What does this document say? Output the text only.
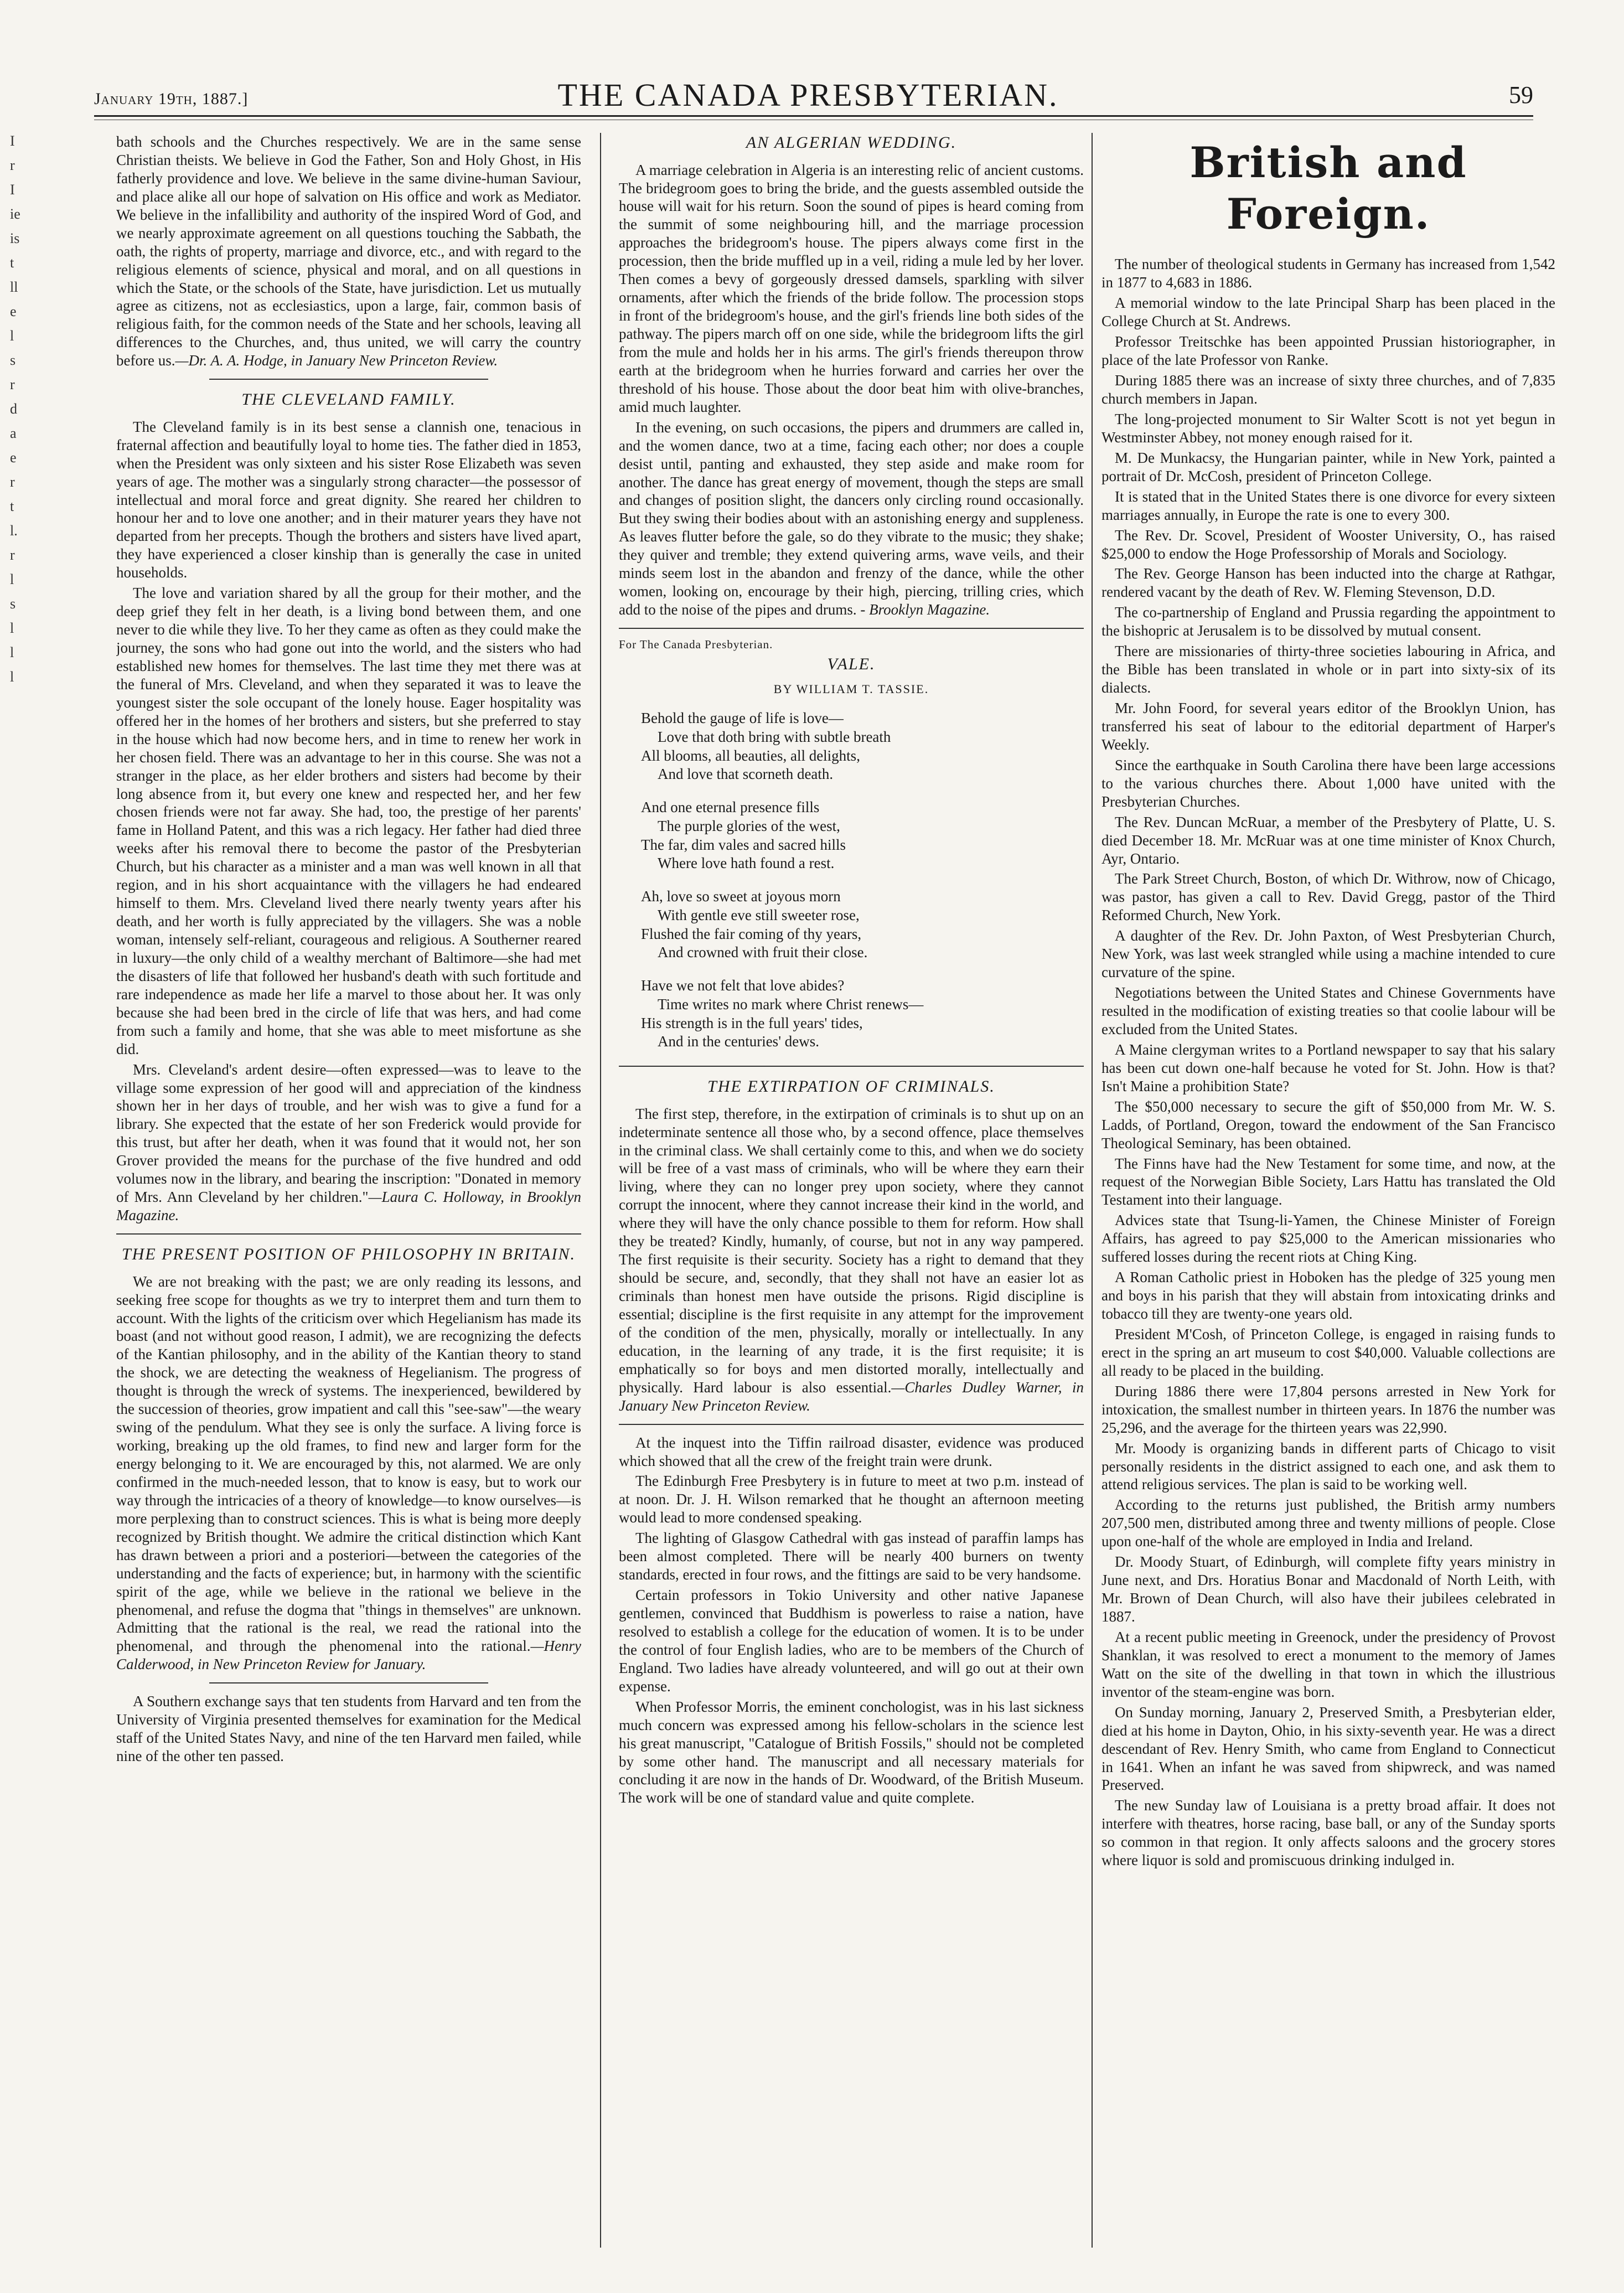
I
r
I
ie
is
t
ll
e
l
s
r
d
a
e
r
t
l.
r
l
s
l
l
l
January 19th, 1887.]	THE CANADA PRESBYTERIAN.	59

bath schools and the Churches respectively. We are in the same sense Christian theists. We believe in God the Father, Son and Holy Ghost, in His fatherly providence and love. We believe in the same divine-human Saviour, and place alike all our hope of salvation on His office and work as Mediator. We believe in the infallibility and authority of the inspired Word of God, and we nearly approximate agreement on all questions touching the Sabbath, the oath, the rights of property, marriage and divorce, etc., and with regard to the religious elements of science, physical and moral, and on all questions in which the State, or the schools of the State, have jurisdiction. Let us mutually agree as citizens, not as ecclesiastics, upon a large, fair, common basis of religious faith, for the common needs of the State and her schools, leaving all differences to the Churches, and, thus united, we will carry the country before us.—Dr. A. A. Hodge, in January New Princeton Review.

THE CLEVELAND FAMILY.

The Cleveland family is in its best sense a clannish one, tenacious in fraternal affection and beautifully loyal to home ties. The father died in 1853, when the President was only sixteen and his sister Rose Elizabeth was seven years of age. The mother was a singularly strong character—the possessor of intellectual and moral force and great dignity. She reared her children to honour her and to love one another; and in their maturer years they have not departed from her precepts. Though the brothers and sisters have lived apart, they have experienced a closer kinship than is generally the case in united households.

The love and variation shared by all the group for their mother, and the deep grief they felt in her death, is a living bond between them, and one never to die while they live. To her they came as often as they could make the journey, the sons who had gone out into the world, and the sisters who had established new homes for themselves. The last time they met there was at the funeral of Mrs. Cleveland, and when they separated it was to leave the youngest sister the sole occupant of the lonely house. Eager hospitality was offered her in the homes of her brothers and sisters, but she preferred to stay in the house which had now become hers, and in time to renew her work in her chosen field. There was an advantage to her in this course. She was not a stranger in the place, as her elder brothers and sisters had become by their long absence from it, but every one knew and respected her, and her few chosen friends were not far away. She had, too, the prestige of her parents' fame in Holland Patent, and this was a rich legacy. Her father had died three weeks after his removal there to become the pastor of the Presbyterian Church, but his character as a minister and a man was well known in all that region, and in his short acquaintance with the villagers he had endeared himself to them. Mrs. Cleveland lived there nearly twenty years after his death, and her worth is fully appreciated by the villagers. She was a noble woman, intensely self-reliant, courageous and religious. A Southerner reared in luxury—the only child of a wealthy merchant of Baltimore—she had met the disasters of life that followed her husband's death with such fortitude and rare independence as made her life a marvel to those about her. It was only because she had been bred in the circle of life that was hers, and had come from such a family and home, that she was able to meet misfortune as she did.

Mrs. Cleveland's ardent desire—often expressed—was to leave to the village some expression of her good will and appreciation of the kindness shown her in her days of trouble, and her wish was to give a fund for a library. She expected that the estate of her son Frederick would provide for this trust, but after her death, when it was found that it would not, her son Grover provided the means for the purchase of the five hundred and odd volumes now in the library, and bearing the inscription: "Donated in memory of Mrs. Ann Cleveland by her children."—Laura C. Holloway, in Brooklyn Magazine.

THE PRESENT POSITION OF PHILOSOPHY IN BRITAIN.

We are not breaking with the past; we are only reading its lessons, and seeking free scope for thoughts as we try to interpret them and turn them to account. With the lights of the criticism over which Hegelianism has made its boast (and not without good reason, I admit), we are recognizing the defects of the Kantian philosophy, and in the ability of the Kantian theory to stand the shock, we are detecting the weakness of Hegelianism. The progress of thought is through the wreck of systems. The inexperienced, bewildered by the succession of theories, grow impatient and call this "see-saw"—the weary swing of the pendulum. What they see is only the surface. A living force is working, breaking up the old frames, to find new and larger form for the energy belonging to it. We are encouraged by this, not alarmed. We are only confirmed in the much-needed lesson, that to know is easy, but to work our way through the intricacies of a theory of knowledge—to know ourselves—is more perplexing than to construct sciences. This is what is being more deeply recognized by British thought. We admire the critical distinction which Kant has drawn between a priori and a posteriori—between the categories of the understanding and the facts of experience; but, in harmony with the scientific spirit of the age, while we believe in the rational we believe in the phenomenal, and refuse the dogma that "things in themselves" are unknown. Admitting that the rational is the real, we read the rational into the phenomenal, and through the phenomenal into the rational.—Henry Calderwood, in New Princeton Review for January.

A Southern exchange says that ten students from Harvard and ten from the University of Virginia presented themselves for examination for the Medical staff of the United States Navy, and nine of the ten Harvard men failed, while nine of the other ten passed.

AN ALGERIAN WEDDING.

A marriage celebration in Algeria is an interesting relic of ancient customs. The bridegroom goes to bring the bride, and the guests assembled outside the house will wait for his return. Soon the sound of pipes is heard coming from the summit of some neighbouring hill, and the marriage procession approaches the bridegroom's house. The pipers always come first in the procession, then the bride muffled up in a veil, riding a mule led by her lover. Then comes a bevy of gorgeously dressed damsels, sparkling with silver ornaments, after which the friends of the bride follow. The procession stops in front of the bridegroom's house, and the girl's friends line both sides of the pathway. The pipers march off on one side, while the bridegroom lifts the girl from the mule and holds her in his arms. The girl's friends thereupon throw earth at the bridegroom when he hurries forward and carries her over the threshold of his house. Those about the door beat him with olive-branches, amid much laughter.

In the evening, on such occasions, the pipers and drummers are called in, and the women dance, two at a time, facing each other; nor does a couple desist until, panting and exhausted, they step aside and make room for another. The dance has great energy of movement, though the steps are small and changes of position slight, the dancers only circling round occasionally. But they swing their bodies about with an astonishing energy and suppleness. As leaves flutter before the gale, so do they vibrate to the music; they shake; they quiver and tremble; they extend quivering arms, wave veils, and their minds seem lost in the abandon and frenzy of the dance, while the other women, looking on, encourage by their high, piercing, trilling cries, which add to the noise of the pipes and drums. - Brooklyn Magazine.

For The Canada Presbyterian.
VALE.
BY WILLIAM T. TASSIE.
Behold the gauge of life is love—
Love that doth bring with subtle breath
All blooms, all beauties, all delights,
And love that scorneth death.
And one eternal presence fills
The purple glories of the west,
The far, dim vales and sacred hills
Where love hath found a rest.
Ah, love so sweet at joyous morn
With gentle eve still sweeter rose,
Flushed the fair coming of thy years,
And crowned with fruit their close.
Have we not felt that love abides?
Time writes no mark where Christ renews—
His strength is in the full years' tides,
And in the centuries' dews.
THE EXTIRPATION OF CRIMINALS.

The first step, therefore, in the extirpation of criminals is to shut up on an indeterminate sentence all those who, by a second offence, place themselves in the criminal class. We shall certainly come to this, and when we do society will be free of a vast mass of criminals, who will be where they earn their living, where they can no longer prey upon society, where they cannot corrupt the innocent, where they cannot increase their kind in the world, and where they will have the only chance possible to them for reform. How shall they be treated? Kindly, humanly, of course, but not in any way pampered. The first requisite is their security. Society has a right to demand that they should be secure, and, secondly, that they shall not have an easier lot as criminals than honest men have outside the prisons. Rigid discipline is essential; discipline is the first requisite in any attempt for the improvement of the condition of the men, physically, morally or intellectually. In any education, in the learning of any trade, it is the first requisite; it is emphatically so for boys and men distorted morally, intellectually and physically. Hard labour is also essential.—Charles Dudley Warner, in January New Princeton Review.

At the inquest into the Tiffin railroad disaster, evidence was produced which showed that all the crew of the freight train were drunk.

The Edinburgh Free Presbytery is in future to meet at two p.m. instead of at noon. Dr. J. H. Wilson remarked that he thought an afternoon meeting would lead to more condensed speaking.

The lighting of Glasgow Cathedral with gas instead of paraffin lamps has been almost completed. There will be nearly 400 burners on twenty standards, erected in four rows, and the fittings are said to be very handsome.

Certain professors in Tokio University and other native Japanese gentlemen, convinced that Buddhism is powerless to raise a nation, have resolved to establish a college for the education of women. It is to be under the control of four English ladies, who are to be members of the Church of England. Two ladies have already volunteered, and will go out at their own expense.

When Professor Morris, the eminent conchologist, was in his last sickness much concern was expressed among his fellow-scholars in the science lest his great manuscript, "Catalogue of British Fossils," should not be completed by some other hand. The manuscript and all necessary materials for concluding it are now in the hands of Dr. Woodward, of the British Museum. The work will be one of standard value and quite complete.

British and Foreign.

The number of theological students in Germany has increased from 1,542 in 1877 to 4,683 in 1886.

A memorial window to the late Principal Sharp has been placed in the College Church at St. Andrews.

Professor Treitschke has been appointed Prussian historiographer, in place of the late Professor von Ranke.

During 1885 there was an increase of sixty three churches, and of 7,835 church members in Japan.

The long-projected monument to Sir Walter Scott is not yet begun in Westminster Abbey, not money enough raised for it.

M. De Munkacsy, the Hungarian painter, while in New York, painted a portrait of Dr. McCosh, president of Princeton College.

It is stated that in the United States there is one divorce for every sixteen marriages annually, in Europe the rate is one to every 300.

The Rev. Dr. Scovel, President of Wooster University, O., has raised $25,000 to endow the Hoge Professorship of Morals and Sociology.

The Rev. George Hanson has been inducted into the charge at Rathgar, rendered vacant by the death of Rev. W. Fleming Stevenson, D.D.

The co-partnership of England and Prussia regarding the appointment to the bishopric at Jerusalem is to be dissolved by mutual consent.

There are missionaries of thirty-three societies labouring in Africa, and the Bible has been translated in whole or in part into sixty-six of its dialects.

Mr. John Foord, for several years editor of the Brooklyn Union, has transferred his seat of labour to the editorial department of Harper's Weekly.

Since the earthquake in South Carolina there have been large accessions to the various churches there. About 1,000 have united with the Presbyterian Churches.

The Rev. Duncan McRuar, a member of the Presbytery of Platte, U. S. died December 18. Mr. McRuar was at one time minister of Knox Church, Ayr, Ontario.

The Park Street Church, Boston, of which Dr. Withrow, now of Chicago, was pastor, has given a call to Rev. David Gregg, pastor of the Third Reformed Church, New York.

A daughter of the Rev. Dr. John Paxton, of West Presbyterian Church, New York, was last week strangled while using a machine intended to cure curvature of the spine.

Negotiations between the United States and Chinese Governments have resulted in the modification of existing treaties so that coolie labour will be excluded from the United States.

A Maine clergyman writes to a Portland newspaper to say that his salary has been cut down one-half because he voted for St. John. How is that? Isn't Maine a prohibition State?

The $50,000 necessary to secure the gift of $50,000 from Mr. W. S. Ladds, of Portland, Oregon, toward the endowment of the San Francisco Theological Seminary, has been obtained.

The Finns have had the New Testament for some time, and now, at the request of the Norwegian Bible Society, Lars Hattu has translated the Old Testament into their language.

Advices state that Tsung-li-Yamen, the Chinese Minister of Foreign Affairs, has agreed to pay $25,000 to the American missionaries who suffered losses during the recent riots at Ching King.

A Roman Catholic priest in Hoboken has the pledge of 325 young men and boys in his parish that they will abstain from intoxicating drinks and tobacco till they are twenty-one years old.

President M'Cosh, of Princeton College, is engaged in raising funds to erect in the spring an art museum to cost $40,000. Valuable collections are all ready to be placed in the building.

During 1886 there were 17,804 persons arrested in New York for intoxication, the smallest number in thirteen years. In 1876 the number was 25,296, and the average for the thirteen years was 22,990.

Mr. Moody is organizing bands in different parts of Chicago to visit personally residents in the district assigned to each one, and ask them to attend religious services. The plan is said to be working well.

According to the returns just published, the British army numbers 207,500 men, distributed among three and twenty millions of people. Close upon one-half of the whole are employed in India and Ireland.

Dr. Moody Stuart, of Edinburgh, will complete fifty years ministry in June next, and Drs. Horatius Bonar and Macdonald of North Leith, with Mr. Brown of Dean Church, will also have their jubilees celebrated in 1887.

At a recent public meeting in Greenock, under the presidency of Provost Shanklan, it was resolved to erect a monument to the memory of James Watt on the site of the dwelling in that town in which the illustrious inventor of the steam-engine was born.

On Sunday morning, January 2, Preserved Smith, a Presbyterian elder, died at his home in Dayton, Ohio, in his sixty-seventh year. He was a direct descendant of Rev. Henry Smith, who came from England to Connecticut in 1641. When an infant he was saved from shipwreck, and was named Preserved.

The new Sunday law of Louisiana is a pretty broad affair. It does not interfere with theatres, horse racing, base ball, or any of the Sunday sports so common in that region. It only affects saloons and the grocery stores where liquor is sold and promiscuous drinking indulged in.
